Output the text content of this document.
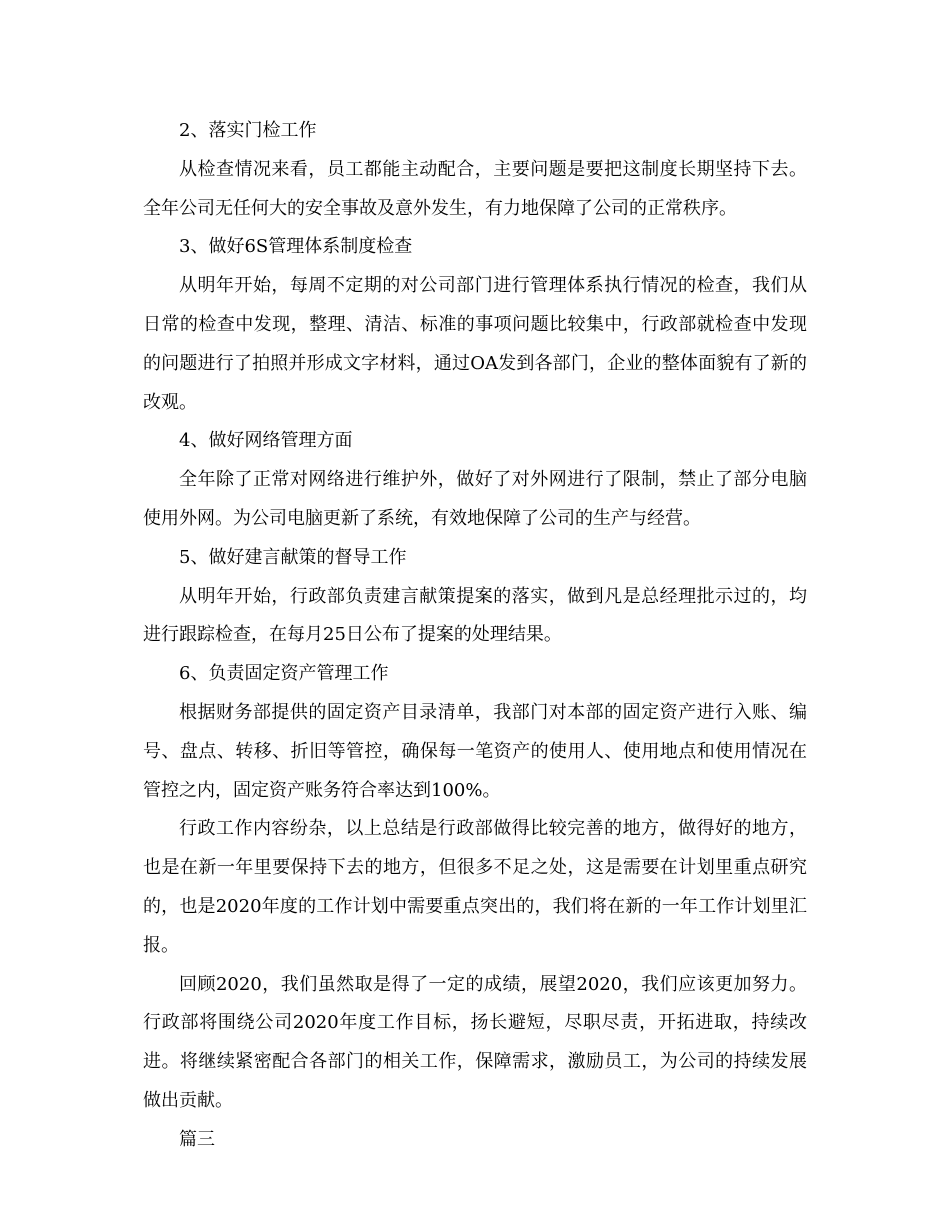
2、落实门检工作

从检查情况来看，员工都能主动配合，主要问题是要把这制度长期坚持下去。全年公司无任何大的安全事故及意外发生，有力地保障了公司的正常秩序。

3、做好6S管理体系制度检查

从明年开始，每周不定期的对公司部门进行管理体系执行情况的检查，我们从日常的检查中发现，整理、清洁、标准的事项问题比较集中，行政部就检查中发现的问题进行了拍照并形成文字材料，通过OA发到各部门，企业的整体面貌有了新的改观。

4、做好网络管理方面

全年除了正常对网络进行维护外，做好了对外网进行了限制，禁止了部分电脑使用外网。为公司电脑更新了系统，有效地保障了公司的生产与经营。

5、做好建言献策的督导工作

从明年开始，行政部负责建言献策提案的落实，做到凡是总经理批示过的，均进行跟踪检查，在每月25日公布了提案的处理结果。

6、负责固定资产管理工作

根据财务部提供的固定资产目录清单，我部门对本部的固定资产进行入账、编号、盘点、转移、折旧等管控，确保每一笔资产的使用人、使用地点和使用情况在管控之内，固定资产账务符合率达到100%。

行政工作内容纷杂，以上总结是行政部做得比较完善的地方，做得好的地方，也是在新一年里要保持下去的地方，但很多不足之处，这是需要在计划里重点研究的，也是2020年度的工作计划中需要重点突出的，我们将在新的一年工作计划里汇报。

回顾2020，我们虽然取是得了一定的成绩，展望2020，我们应该更加努力。行政部将围绕公司2020年度工作目标，扬长避短，尽职尽责，开拓进取，持续改进。将继续紧密配合各部门的相关工作，保障需求，激励员工，为公司的持续发展做出贡献。

篇三
